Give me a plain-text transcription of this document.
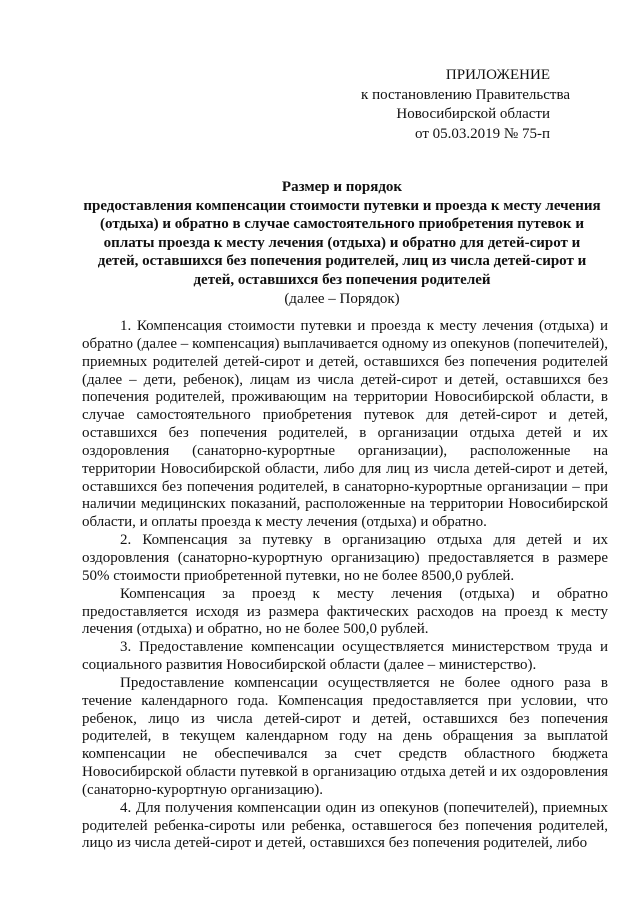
ПРИЛОЖЕНИЕ
к постановлению Правительства
Новосибирской области
от 05.03.2019 № 75-п
Размер и порядок
предоставления компенсации стоимости путевки и проезда к месту лечения (отдыха) и обратно в случае самостоятельного приобретения путевок и оплаты проезда к месту лечения (отдыха) и обратно для детей-сирот и детей, оставшихся без попечения родителей, лиц из числа детей-сирот и детей, оставшихся без попечения родителей
(далее – Порядок)

1. Компенсация стоимости путевки и проезда к месту лечения (отдыха) и обратно (далее – компенсация) выплачивается одному из опекунов (попечителей), приемных родителей детей-сирот и детей, оставшихся без попечения родителей (далее – дети, ребенок), лицам из числа детей-сирот и детей, оставшихся без попечения родителей, проживающим на территории Новосибирской области, в случае самостоятельного приобретения путевок для детей-сирот и детей, оставшихся без попечения родителей, в организации отдыха детей и их оздоровления (санаторно-курортные организации), расположенные на территории Новосибирской области, либо для лиц из числа детей-сирот и детей, оставшихся без попечения родителей, в санаторно-курортные организации – при наличии медицинских показаний, расположенные на территории Новосибирской области, и оплаты проезда к месту лечения (отдыха) и обратно.

2. Компенсация за путевку в организацию отдыха для детей и их оздоровления (санаторно-курортную организацию) предоставляется в размере 50% стоимости приобретенной путевки, но не более 8500,0 рублей.

Компенсация за проезд к месту лечения (отдыха) и обратно предоставляется исходя из размера фактических расходов на проезд к месту лечения (отдыха) и обратно, но не более 500,0 рублей.

3. Предоставление компенсации осуществляется министерством труда и социального развития Новосибирской области (далее – министерство).

Предоставление компенсации осуществляется не более одного раза в течение календарного года. Компенсация предоставляется при условии, что ребенок, лицо из числа детей-сирот и детей, оставшихся без попечения родителей, в текущем календарном году на день обращения за выплатой компенсации не обеспечивался за счет средств областного бюджета Новосибирской области путевкой в организацию отдыха детей и их оздоровления (санаторно-курортную организацию).

4. Для получения компенсации один из опекунов (попечителей), приемных родителей ребенка-сироты или ребенка, оставшегося без попечения родителей, лицо из числа детей-сирот и детей, оставшихся без попечения родителей, либо
